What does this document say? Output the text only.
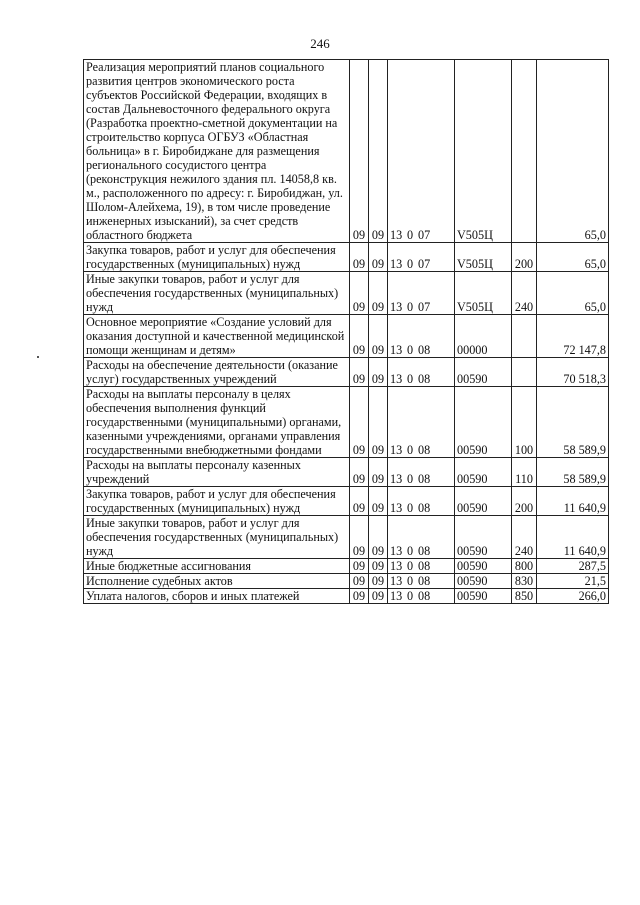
246
Реализация мероприятий планов социального развития центров экономического роста субъектов Российской Федерации, входящих в состав Дальневосточного федерального округа (Разработка проектно-сметной документации на строительство корпуса ОГБУЗ «Областная больница» в г. Биробиджане для размещения регионального сосудистого центра (реконструкция нежилого здания пл. 14058,8 кв. м., расположенного по адресу: г. Биробиджан, ул. Шолом-Алейхема, 19), в том числе проведение инженерных изысканий), за счет средств областного бюджета	09	09	13 0 07	V505Ц		65,0
Закупка товаров, работ и услуг для обеспечения государственных (муниципальных) нужд	09	09	13 0 07	V505Ц	200	65,0
Иные закупки товаров, работ и услуг для обеспечения государственных (муниципальных) нужд	09	09	13 0 07	V505Ц	240	65,0
Основное мероприятие «Создание условий для оказания доступной и качественной медицинской помощи женщинам и детям»	09	09	13 0 08	00000		72 147,8
Расходы на обеспечение деятельности (оказание услуг) государственных учреждений	09	09	13 0 08	00590		70 518,3
Расходы на выплаты персоналу в целях обеспечения выполнения функций государственными (муниципальными) органами, казенными учреждениями, органами управления государственными внебюджетными фондами	09	09	13 0 08	00590	100	58 589,9
Расходы на выплаты персоналу казенных учреждений	09	09	13 0 08	00590	110	58 589,9
Закупка товаров, работ и услуг для обеспечения государственных (муниципальных) нужд	09	09	13 0 08	00590	200	11 640,9
Иные закупки товаров, работ и услуг для обеспечения государственных (муниципальных) нужд	09	09	13 0 08	00590	240	11 640,9
Иные бюджетные ассигнования	09	09	13 0 08	00590	800	287,5
Исполнение судебных актов	09	09	13 0 08	00590	830	21,5
Уплата налогов, сборов и иных платежей	09	09	13 0 08	00590	850	266,0
